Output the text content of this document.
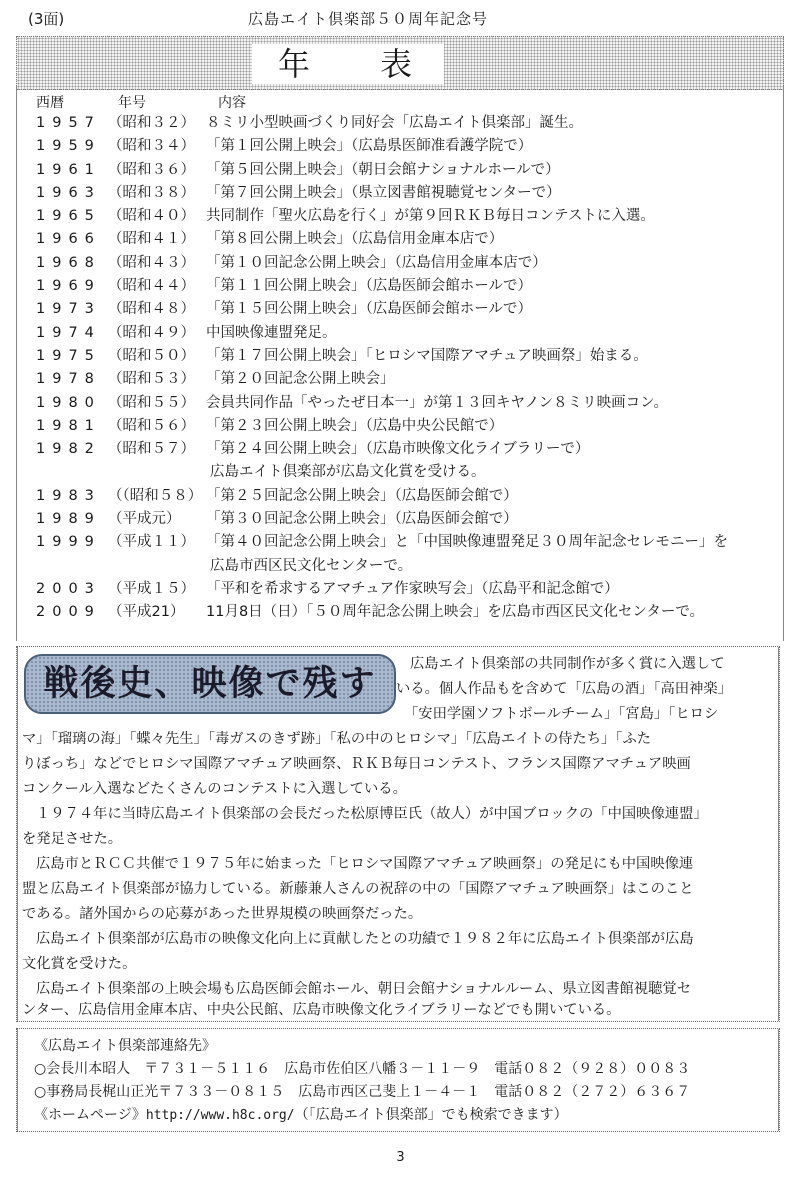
(3面)	広島エイト倶楽部５０周年記念号
年表
西暦	年号	内容
1957 （昭和３２） ８ミリ小型映画づくり同好会「広島エイト倶楽部」誕生。
1959 （昭和３４） 「第１回公開上映会」（広島県医師准看護学院で）
1961 （昭和３６） 「第５回公開上映会」（朝日会館ナショナルホールで）
1963 （昭和３８） 「第７回公開上映会」（県立図書館視聴覚センターで）
1965 （昭和４０） 共同制作「聖火広島を行く」が第９回ＲＫＢ毎日コンテストに入選。
1966 （昭和４１） 「第８回公開上映会」（広島信用金庫本店で）
1968 （昭和４３） 「第１０回記念公開上映会」（広島信用金庫本店で）
1969 （昭和４４） 「第１１回公開上映会」（広島医師会館ホールで）
1973 （昭和４８） 「第１５回公開上映会」（広島医師会館ホールで）
1974 （昭和４９） 中国映像連盟発足。
1975 （昭和５０） 「第１７回公開上映会」「ヒロシマ国際アマチュア映画祭」始まる。
1978 （昭和５３） 「第２０回記念公開上映会」
1980 （昭和５５） 会員共同作品「やったぜ日本一」が第１３回キヤノン８ミリ映画コン。
1981 （昭和５６） 「第２３回公開上映会」（広島中央公民館で）
1982 （昭和５７） 「第２４回公開上映会」（広島市映像文化ライブラリーで）
広島エイト倶楽部が広島文化賞を受ける。
1983 （（昭和５８） 「第２５回記念公開上映会」（広島医師会館で）
1989 （平成元） 「第３０回記念公開上映会」（広島医師会館で）
1999 （平成１１） 「第４０回記念公開上映会」と「中国映像連盟発足３０周年記念セレモニー」を
広島市西区民文化センターで。
2003 （平成１５） 「平和を希求するアマチュア作家映写会」（広島平和記念館で）
2009 （平成21） 11月8日（日）「５０周年記念公開上映会」を広島市西区民文化センターで。
戦後史、映像で残す	広島エイト倶楽部の共同制作が多く賞に入選して
いる。個人作品もを含めて「広島の酒」「高田神楽」
「安田学園ソフトボールチーム」「宮島」「ヒロシ
マ」「瑠璃の海」「蝶々先生」「毒ガスのきず跡」「私の中のヒロシマ」「広島エイトの侍たち」「ふた
りぼっち」などでヒロシマ国際アマチュア映画祭、ＲＫＢ毎日コンテスト、フランス国際アマチュア映画
コンクール入選などたくさんのコンテストに入選している。
１９７４年に当時広島エイト倶楽部の会長だった松原博臣氏（故人）が中国ブロックの「中国映像連盟」
を発足させた。
広島市とＲＣＣ共催で１９７５年に始まった「ヒロシマ国際アマチュア映画祭」の発足にも中国映像連
盟と広島エイト倶楽部が協力している。新藤兼人さんの祝辞の中の「国際アマチュア映画祭」はこのこと
である。諸外国からの応募があった世界規模の映画祭だった。
広島エイト倶楽部が広島市の映像文化向上に貢献したとの功績で１９８２年に広島エイト倶楽部が広島
文化賞を受けた。
広島エイト倶楽部の上映会場も広島医師会館ホール、朝日会館ナショナルルーム、県立図書館視聴覚セ
ンター、広島信用金庫本店、中央公民館、広島市映像文化ライブラリーなどでも開いている。
《広島エイト倶楽部連絡先》
○会長川本昭人　〒７３１－５１１６　広島市佐伯区八幡３－１１－９　電話０８２（９２８）００８３
○事務局長梶山正光〒７３３－０８１５　広島市西区己斐上１－４－１　電話０８２（２７２）６３６７
《ホームページ》http://www.h8c.org/（「広島エイト倶楽部」でも検索できます）
3
